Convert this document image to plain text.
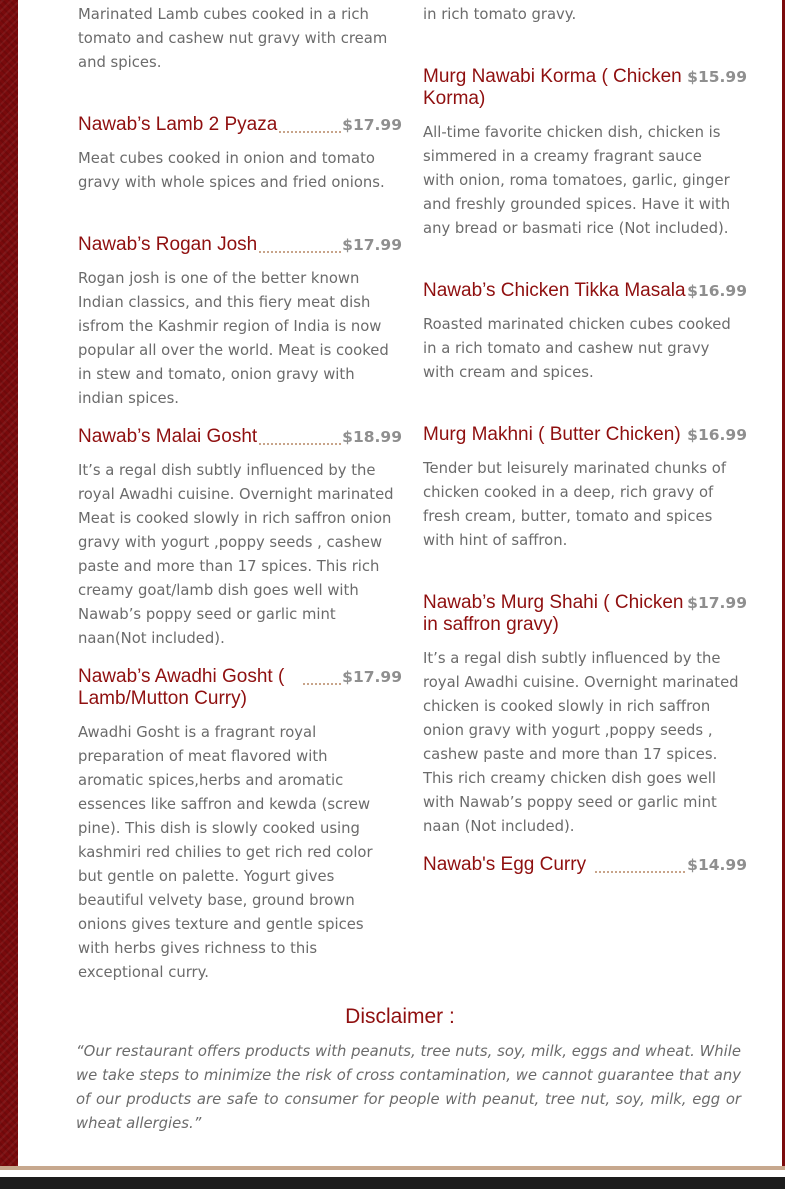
Marinated Lamb cubes cooked in a rich tomato and cashew nut gravy with cream and spices.

Nawab’s Lamb 2 Pyaza	$17.99

Meat cubes cooked in onion and tomato gravy with whole spices and fried onions.

Nawab’s Rogan Josh	$17.99

Rogan josh is one of the better known Indian classics, and this fiery meat dish isfrom the Kashmir region of India is now popular all over the world. Meat is cooked in stew and tomato, onion gravy with indian spices.

Nawab’s Malai Gosht	$18.99

It’s a regal dish subtly influenced by the royal Awadhi cuisine. Overnight marinated Meat is cooked slowly in rich saffron onion gravy with yogurt ,poppy seeds , cashew paste and more than 17 spices. This rich creamy goat/lamb dish goes well with Nawab’s poppy seed or garlic mint naan(Not included).

Nawab’s Awadhi Gosht ( Lamb/Mutton Curry)
$17.99

Awadhi Gosht is a fragrant royal preparation of meat flavored with aromatic spices,herbs and aromatic essences like saffron and kewda (screw pine). This dish is slowly cooked using kashmiri red chilies to get rich red color but gentle on palette. Yogurt gives beautiful velvety base, ground brown onions gives texture and gentle spices with herbs gives richness to this exceptional curry.

in rich tomato gravy.

Murg Nawabi Korma ( Chicken Korma)
$15.99

All-time favorite chicken dish, chicken is simmered in a creamy fragrant sauce with onion, roma tomatoes, garlic, ginger and freshly grounded spices. Have it with any bread or basmati rice (Not included).

Nawab’s Chicken Tikka Masala $16.99

Roasted marinated chicken cubes cooked in a rich tomato and cashew nut gravy with cream and spices.

Murg Makhni ( Butter Chicken) $16.99

Tender but leisurely marinated chunks of chicken cooked in a deep, rich gravy of fresh cream, butter, tomato and spices with hint of saffron.

Nawab’s Murg Shahi ( Chicken in saffron gravy)
$17.99

It’s a regal dish subtly influenced by the royal Awadhi cuisine. Overnight marinated chicken is cooked slowly in rich saffron onion gravy with yogurt ,poppy seeds , cashew paste and more than 17 spices. This rich creamy chicken dish goes well with Nawab’s poppy seed or garlic mint naan (Not included).

Nawab's Egg Curry	$14.99
Disclaimer :

“Our restaurant offers products with peanuts, tree nuts, soy, milk, eggs and wheat. While we take steps to minimize the risk of cross contamination, we cannot guarantee that any of our products are safe to consumer for people with peanut, tree nut, soy, milk, egg or wheat allergies.”
